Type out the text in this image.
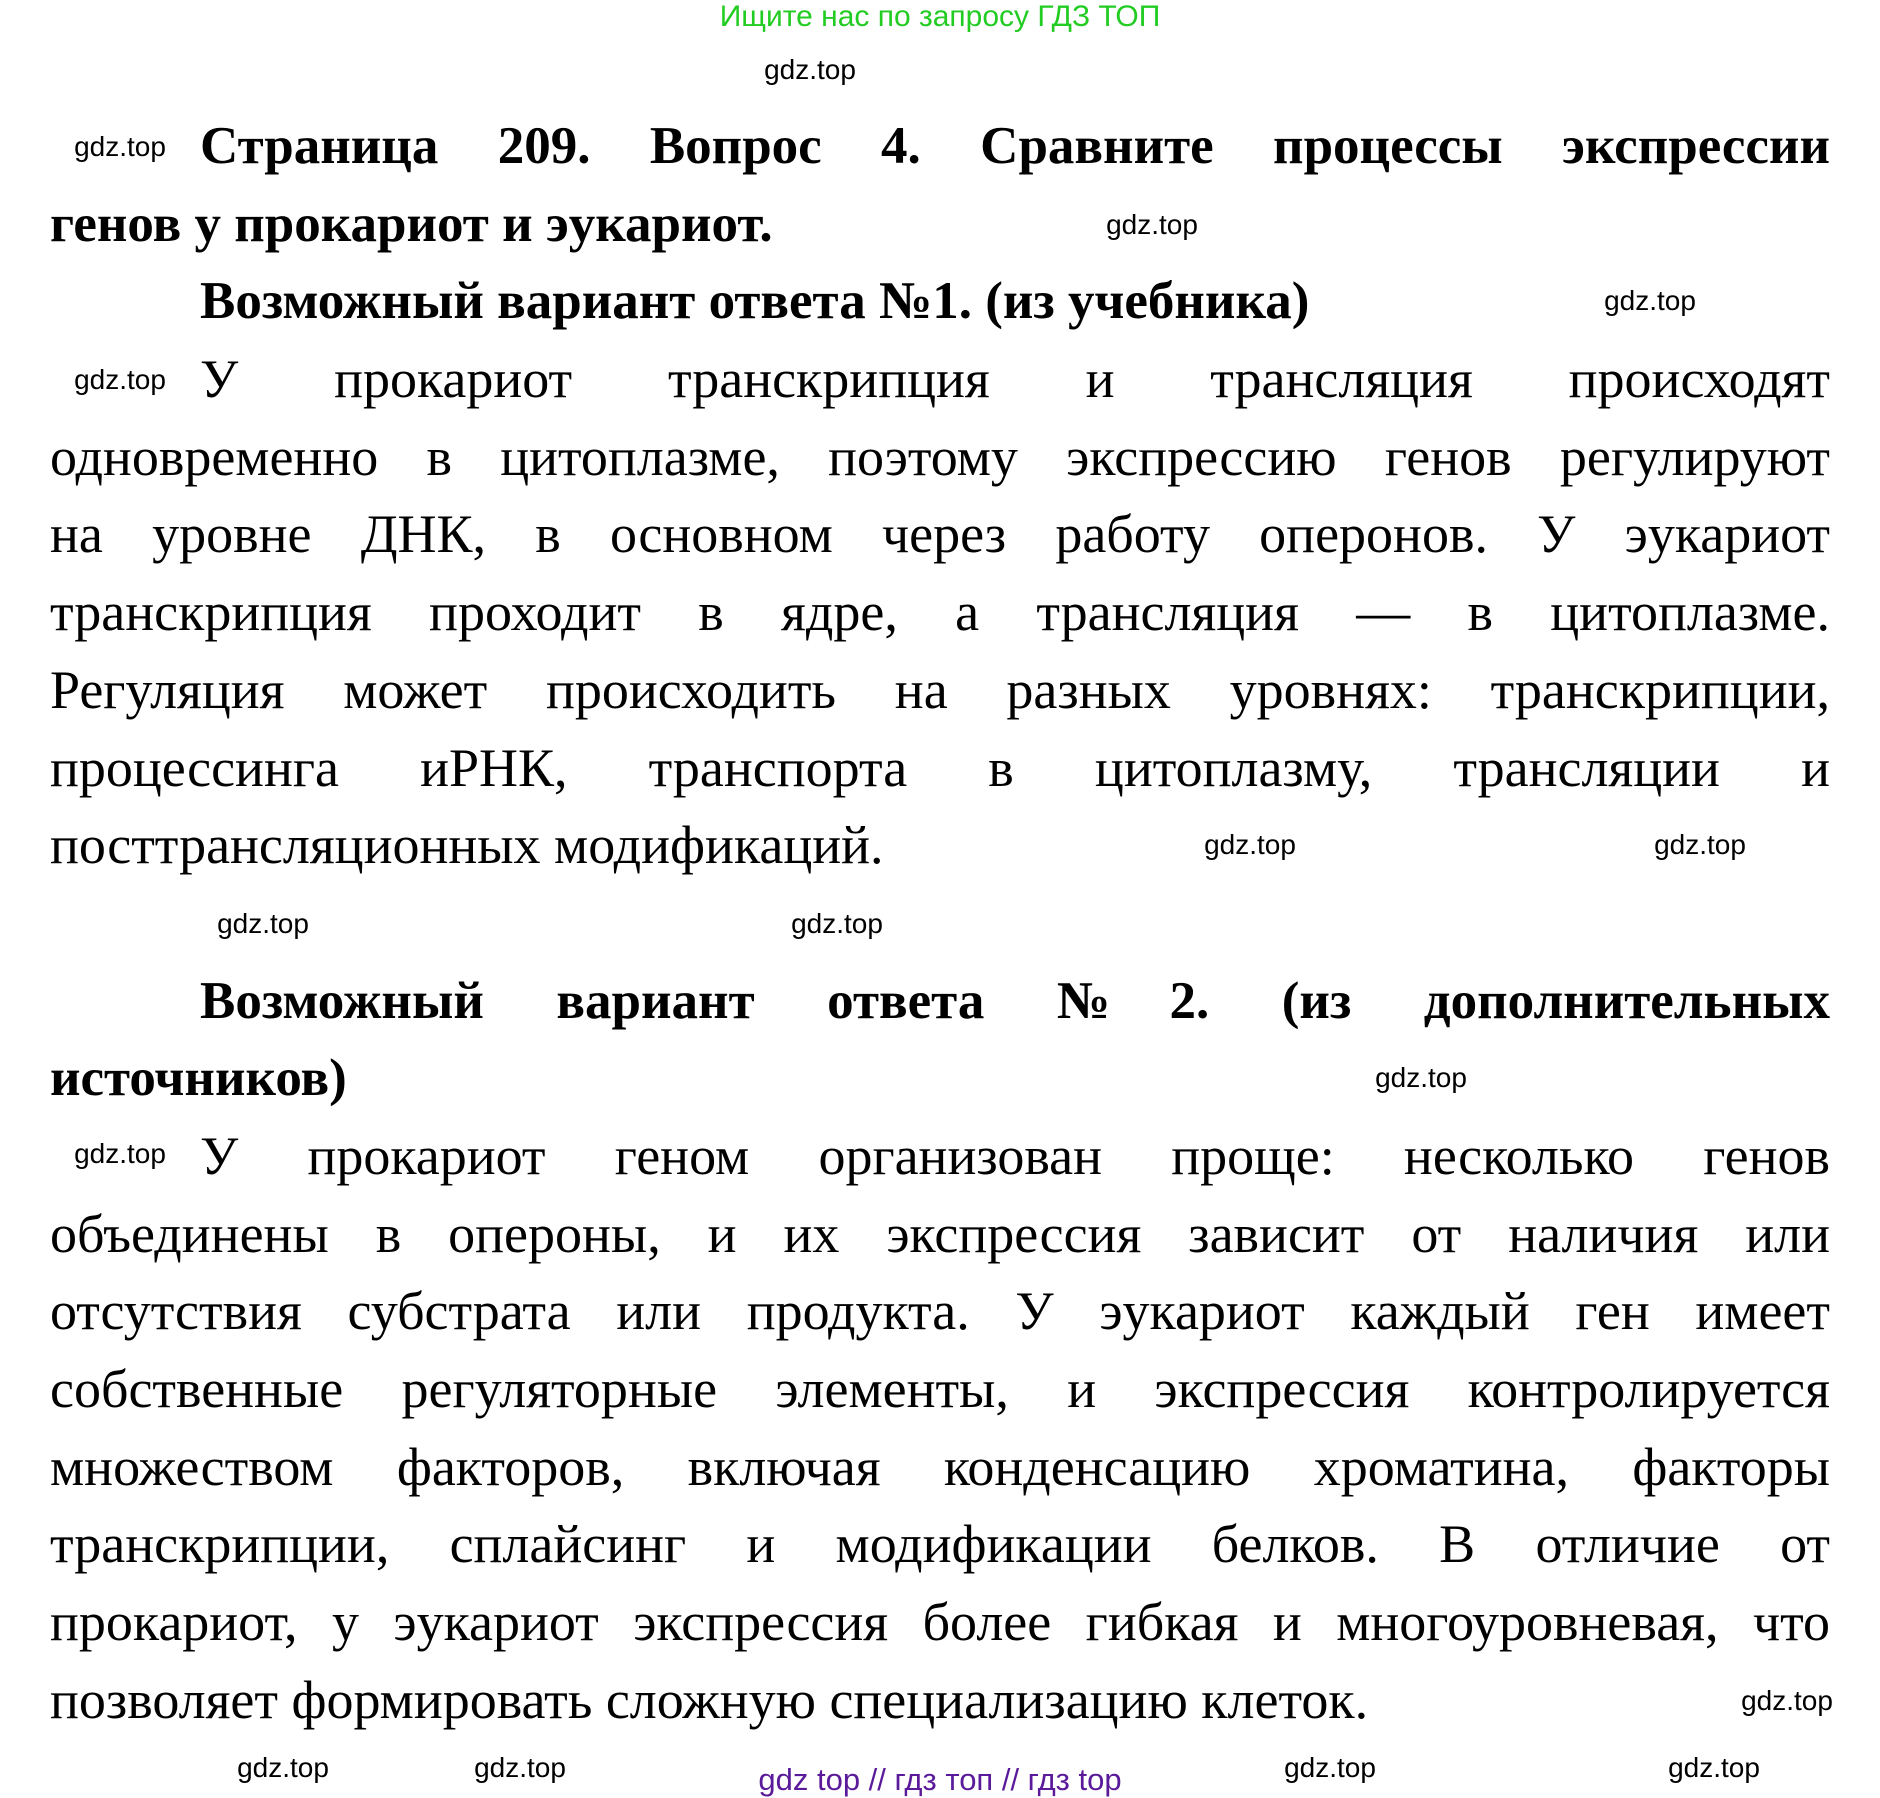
Ищите нас по запросу ГДЗ ТОП
Страница 209. Вопрос 4. Сравните процессы экспрессии
генов у прокариот и эукариот.
Возможный вариант ответа №1. (из учебника)
У прокариот транскрипция и трансляция происходят
одновременно в цитоплазме, поэтому экспрессию генов регулируют
на уровне ДНК, в основном через работу оперонов. У эукариот
транскрипция проходит в ядре, а трансляция — в цитоплазме.
Регуляция может происходить на разных уровнях: транскрипции,
процессинга иРНК, транспорта в цитоплазму, трансляции и
посттрансляционных модификаций.
Возможный вариант ответа №2. (из дополнительных
источников)
У прокариот геном организован проще: несколько генов
объединены в опероны, и их экспрессия зависит от наличия или
отсутствия субстрата или продукта. У эукариот каждый ген имеет
собственные регуляторные элементы, и экспрессия контролируется
множеством факторов, включая конденсацию хроматина, факторы
транскрипции, сплайсинг и модификации белков. В отличие от
прокариот, у эукариот экспрессия более гибкая и многоуровневая, что
позволяет формировать сложную специализацию клеток.
gdz.top
gdz.top
gdz.top
gdz.top
gdz.top
gdz.top
gdz.top
gdz.top	gdz.top
gdz.top
gdz.top
gdz.top
gdz.top	gdz.top	gdz.top	gdz.top
gdz top // гдз топ // гдз top
